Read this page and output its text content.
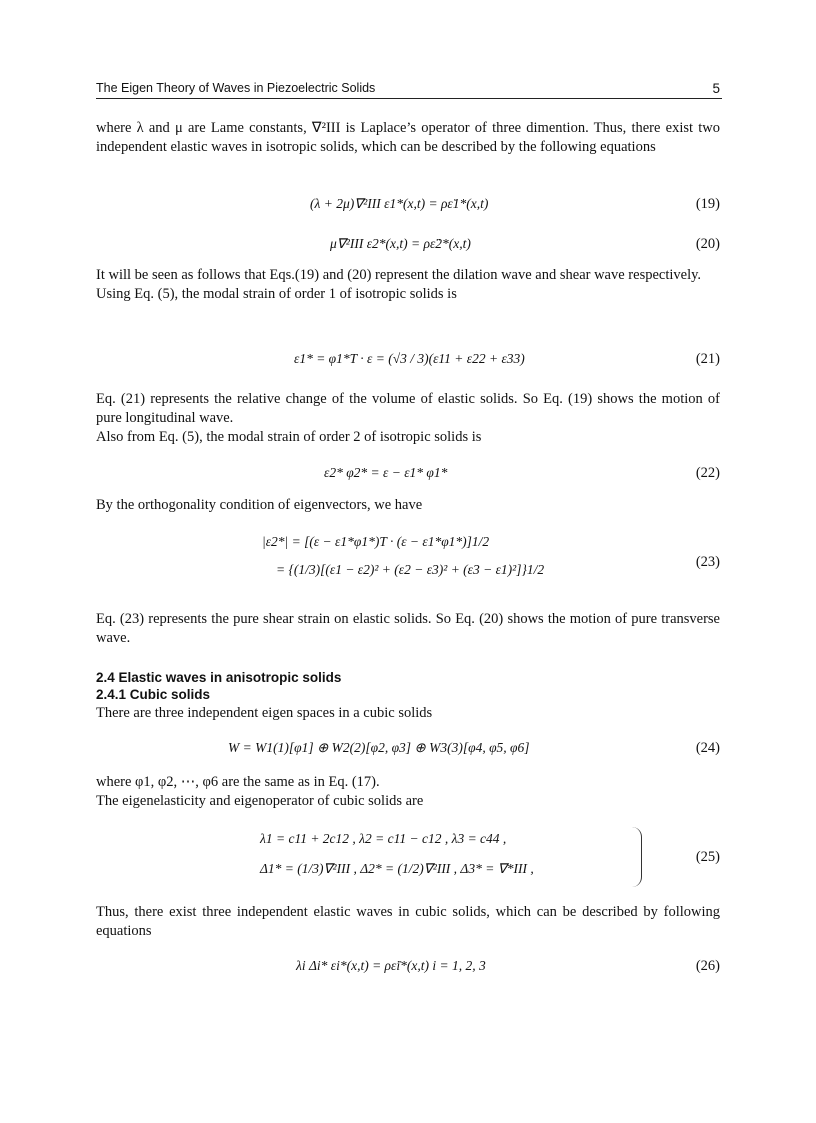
The Eigen Theory of Waves in Piezoelectric Solids	5

where λ and μ are Lame constants, ∇²III is Laplace’s operator of three dimention. Thus, there exist two independent elastic waves in isotropic solids, which can be described by the following equations

(λ + 2μ)∇²III ε1*(x,t) = ρε̈1*(x,t)	(19)
μ∇²III ε2*(x,t) = ρε̈2*(x,t)	(20)

It will be seen as follows that Eqs.(19) and (20) represent the dilation wave and shear wave respectively.

Using Eq. (5), the modal strain of order 1 of isotropic solids is

ε1* = φ1*T · ε = (√3 / 3)(ε11 + ε22 + ε33)	(21)

Eq. (21) represents the relative change of the volume of elastic solids. So Eq. (19) shows the motion of pure longitudinal wave.

Also from Eq. (5), the modal strain of order 2 of isotropic solids is

ε2* φ2* = ε − ε1* φ1*	(22)

By the orthogonality condition of eigenvectors, we have

|ε2*| = [(ε − ε1*φ1*)T · (ε − ε1*φ1*)]1/2
= {(1/3)[(ε1 − ε2)² + (ε2 − ε3)² + (ε3 − ε1)²]}1/2	(23)

Eq. (23) represents the pure shear strain on elastic solids. So Eq. (20) shows the motion of pure transverse wave.

2.4 Elastic waves in anisotropic solids
2.4.1 Cubic solids

There are three independent eigen spaces in a cubic solids

W = W1(1)[φ1] ⊕ W2(2)[φ2, φ3] ⊕ W3(3)[φ4, φ5, φ6]	(24)

where φ1, φ2, ⋯, φ6 are the same as in Eq. (17).

The eigenelasticity and eigenoperator of cubic solids are

λ1 = c11 + 2c12 , λ2 = c11 − c12 , λ3 = c44 ,
Δ1* = (1/3)∇²III , Δ2* = (1/2)∇²III , Δ3* = ∇*III ,
(25)

Thus, there exist three independent elastic waves in cubic solids, which can be described by following equations

λi Δi* εi*(x,t) = ρε̈i*(x,t) i = 1, 2, 3	(26)
